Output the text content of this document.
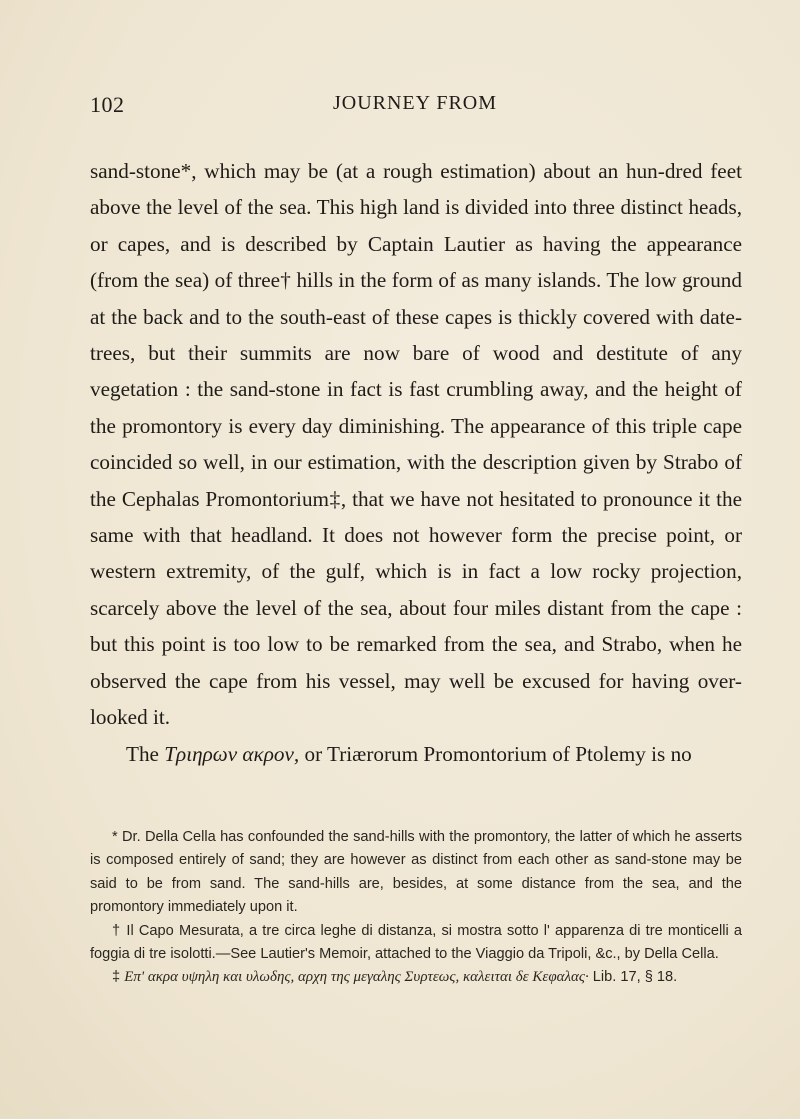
102	JOURNEY FROM

sand-stone*, which may be (at a rough estimation) about an hun-dred feet above the level of the sea. This high land is divided into three distinct heads, or capes, and is described by Captain Lautier as having the appearance (from the sea) of three† hills in the form of as many islands. The low ground at the back and to the south-east of these capes is thickly covered with date-trees, but their summits are now bare of wood and destitute of any vegetation : the sand-stone in fact is fast crumbling away, and the height of the promontory is every day diminishing. The appearance of this triple cape coincided so well, in our estimation, with the description given by Strabo of the Cephalas Promontorium‡, that we have not hesitated to pronounce it the same with that headland. It does not however form the precise point, or western extremity, of the gulf, which is in fact a low rocky projection, scarcely above the level of the sea, about four miles distant from the cape : but this point is too low to be remarked from the sea, and Strabo, when he observed the cape from his vessel, may well be excused for having over-looked it.

The Τριηρων ακρον, or Triærorum Promontorium of Ptolemy is no

* Dr. Della Cella has confounded the sand-hills with the promontory, the latter of which he asserts is composed entirely of sand; they are however as distinct from each other as sand-stone may be said to be from sand. The sand-hills are, besides, at some distance from the sea, and the promontory immediately upon it.

† Il Capo Mesurata, a tre circa leghe di distanza, si mostra sotto l' apparenza di tre monticelli a foggia di tre isolotti.—See Lautier's Memoir, attached to the Viaggio da Tripoli, &c., by Della Cella.

‡ Επ' ακρα υψηλη και υλωδης, αρχη της μεγαλης Συρτεως, καλειται δε Κεφαλας· Lib. 17, § 18.
